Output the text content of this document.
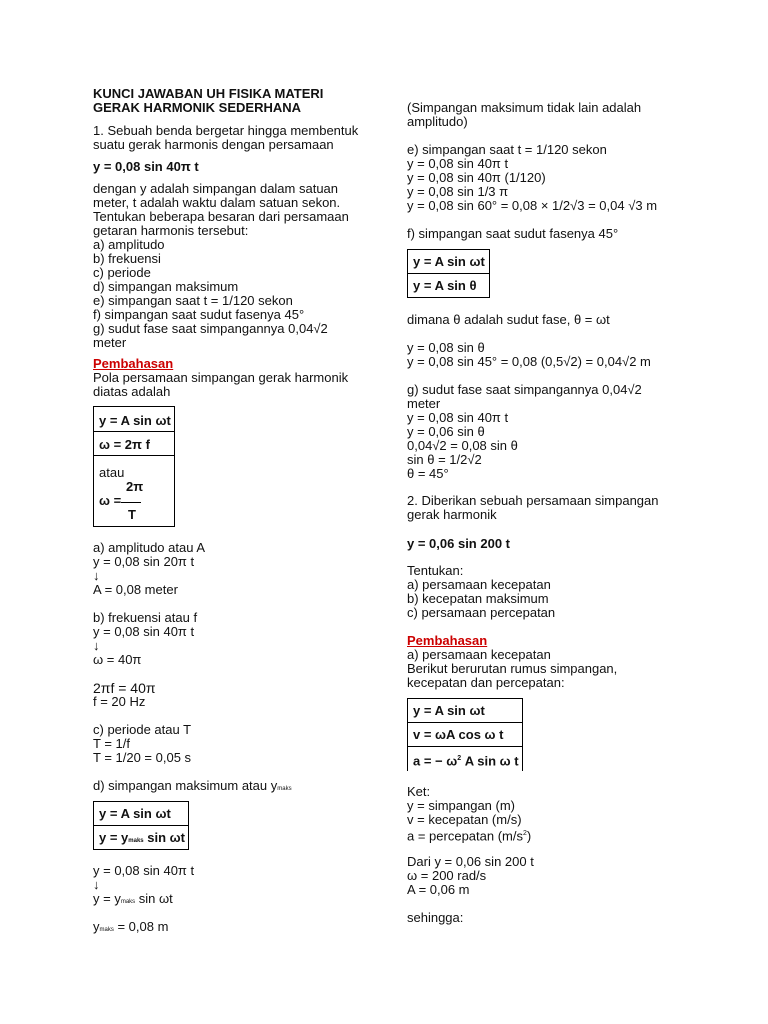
KUNCI JAWABAN UH FISIKA MATERI
GERAK HARMONIK SEDERHANA
1. Sebuah benda bergetar hingga membentuk
suatu gerak harmonis dengan persamaan
y = 0,08 sin 40π t
dengan y adalah simpangan dalam satuan
meter, t adalah waktu dalam satuan sekon.
Tentukan beberapa besaran dari persamaan
getaran harmonis tersebut:
a) amplitudo
b) frekuensi
c) periode
d) simpangan maksimum
e) simpangan saat t = 1/120 sekon
f) simpangan saat sudut fasenya 45°
g) sudut fase saat simpangannya 0,04√2
meter
Pembahasan
Pola persamaan simpangan gerak harmonik
diatas adalah
y = A sin ωt
ω = 2π f
atau
2π
ω =
T
a) amplitudo atau A
y = 0,08 sin 20π t
↓
A = 0,08 meter
b) frekuensi atau f
y = 0,08 sin 40π t
↓
ω = 40π
2πf = 40π
f = 20 Hz
c) periode atau T
T = 1/f
T = 1/20 = 0,05 s
d) simpangan maksimum atau ymaks
y = A sin ωt
y = ymaks sin ωt
y = 0,08 sin 40π t
↓
y = ymaks sin ωt
ymaks = 0,08 m
(Simpangan maksimum tidak lain adalah
amplitudo)
e) simpangan saat t = 1/120 sekon
y = 0,08 sin 40π t
y = 0,08 sin 40π (1/120)
y = 0,08 sin 1/3 π
y = 0,08 sin 60° = 0,08 × 1/2√3 = 0,04 √3 m
f) simpangan saat sudut fasenya 45°
y = A sin ωt
y = A sin θ
dimana θ adalah sudut fase, θ = ωt
y = 0,08 sin θ
y = 0,08 sin 45° = 0,08 (0,5√2) = 0,04√2 m
g) sudut fase saat simpangannya 0,04√2
meter
y = 0,08 sin 40π t
y = 0,06 sin θ
0,04√2 = 0,08 sin θ
sin θ = 1/2√2
θ = 45°
2. Diberikan sebuah persamaan simpangan
gerak harmonik
y = 0,06 sin 200 t
Tentukan:
a) persamaan kecepatan
b) kecepatan maksimum
c) persamaan percepatan
Pembahasan
a) persamaan kecepatan
Berikut berurutan rumus simpangan,
kecepatan dan percepatan:
y = A sin ωt
v = ωA cos ω t
a = − $\omega^2$ A sin ω t
Ket:
y = simpangan (m)
v = kecepatan (m/s)
a = percepatan $(m/s^2)$
Dari y = 0,06 sin 200 t
ω = 200 rad/s
A = 0,06 m
sehingga:
